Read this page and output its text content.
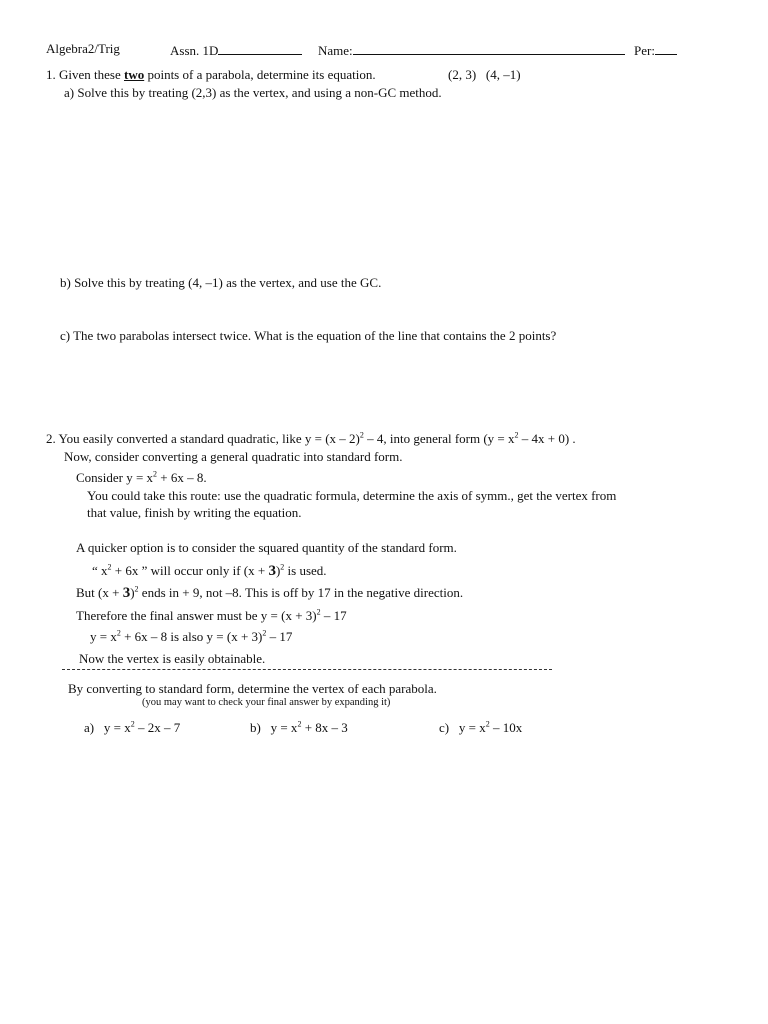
Algebra2/Trig	Assn. 1D	Name:	Per:
1. Given these two points of a parabola, determine its equation.	(2, 3) (4, –1)
a) Solve this by treating (2,3) as the vertex, and using a non-GC method.
b) Solve this by treating (4, –1) as the vertex, and use the GC.
c) The two parabolas intersect twice. What is the equation of the line that contains the 2 points?
2. You easily converted a standard quadratic, like y = (x – 2)$^2$ – 4, into general form $(y = x^2 - 4x + 0)$ .
Now, consider converting a general quadratic into standard form.
Consider $y = x^2 + 6x - 8$.
You could take this route: use the quadratic formula, determine the axis of symm., get the vertex from
that value, finish by writing the equation.
A quicker option is to consider the squared quantity of the standard form.
“ $x^2 + 6x$ ” will occur only if $(x + 3)^2$ is used.
But $(x + 3)^2$ ends in + 9, not –8. This is off by 17 in the negative direction.
Therefore the final answer must be $y = (x + 3)^2 - 17$
$y = x^2 + 6x - 8$ is also $y = (x + 3)^2 - 17$
Now the vertex is easily obtainable.
By converting to standard form, determine the vertex of each parabola.
(you may want to check your final answer by expanding it)
a) $y = x^2 - 2x - 7$	b) $y = x^2 + 8x - 3$	c) $y = x^2 - 10x$
